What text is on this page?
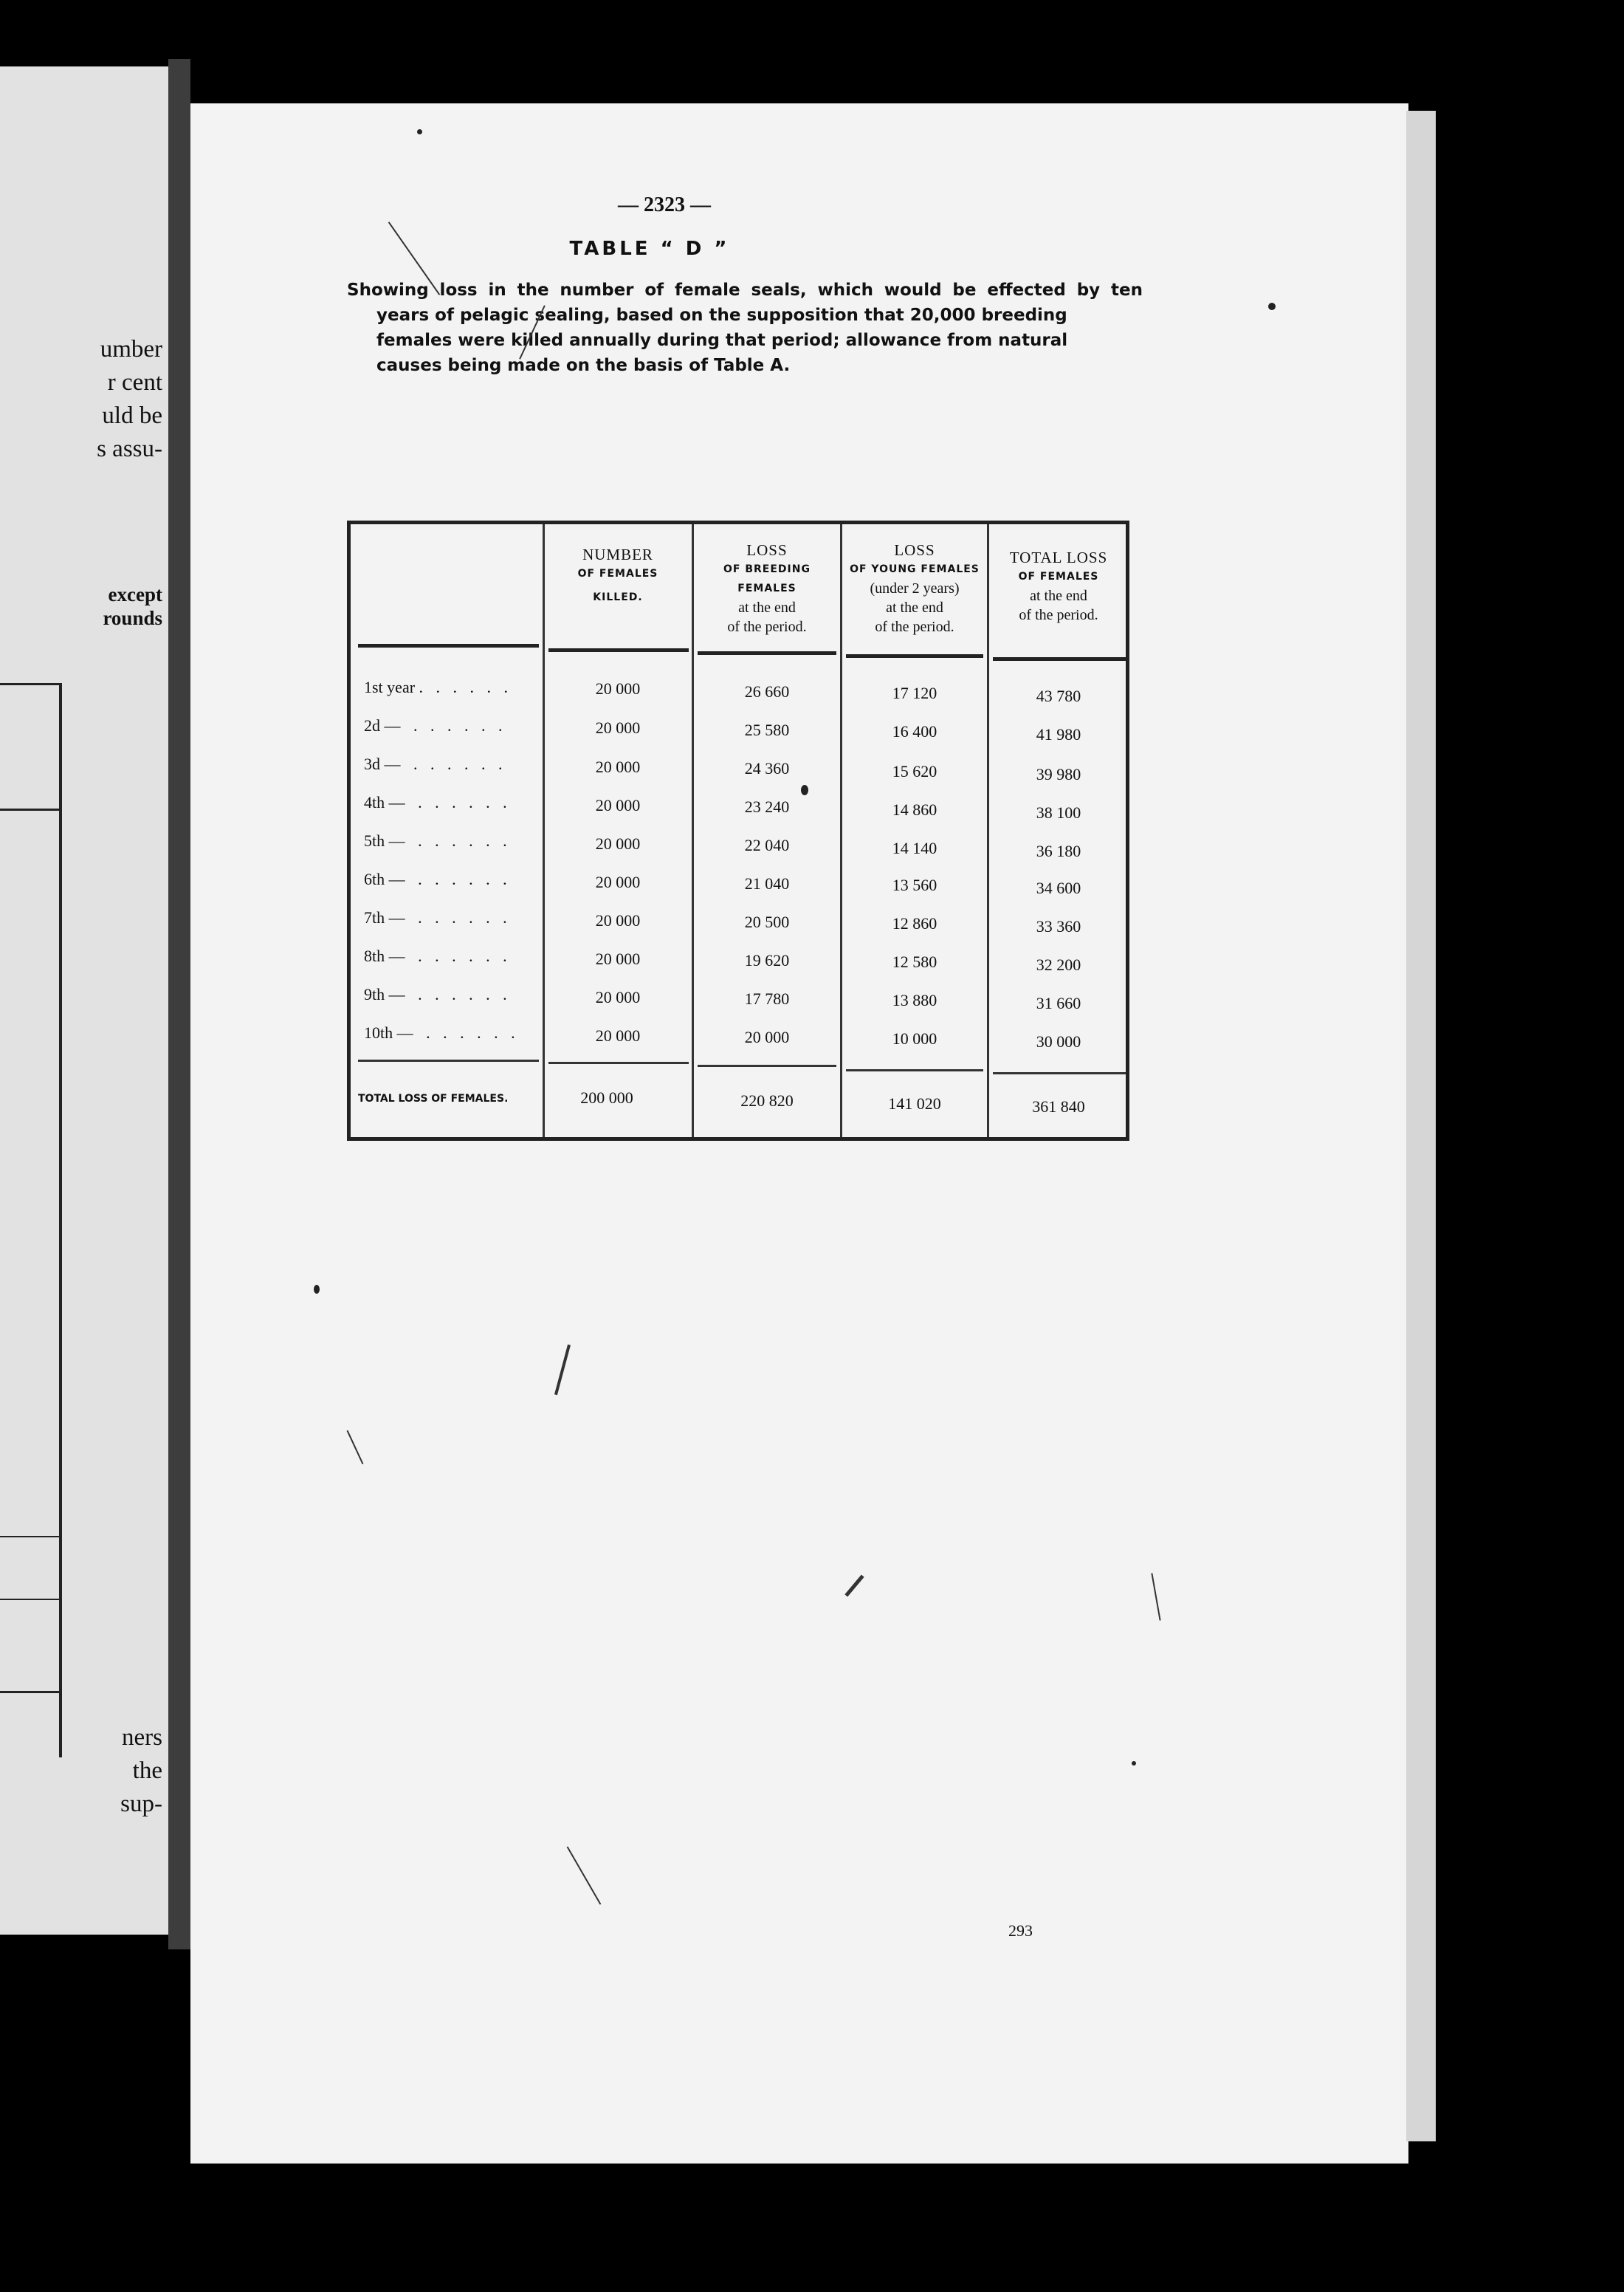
umber
r cent
uld be
s assu-
except
rounds
ners
the
sup-
— 2323 —
TABLE “ D ”
Showing loss in the number of female seals, which would be effected by ten
years of pelagic sealing, based on the supposition that 20,000 breeding
females were killed annually during that period; allowance from natural
causes being made on the basis of Table A.
NUMBER
OF FEMALES
KILLED.
LOSS
OF BREEDING
FEMALES
at the end
of the period.
LOSS
OF YOUNG FEMALES
(under 2 years)
at the end
of the period.
TOTAL LOSS
OF FEMALES
at the end
of the period.
1st year . . . . . .	20 000	26 660	17 120	43 780
2d — . . . . . .	20 000	25 580	16 400	41 980
3d — . . . . . .	20 000	24 360	15 620	39 980
4th — . . . . . .	20 000	23 240	14 860	38 100
5th — . . . . . .	20 000	22 040	14 140	36 180
6th — . . . . . .	20 000	21 040	13 560	34 600
7th — . . . . . .	20 000	20 500	12 860	33 360
8th — . . . . . .	20 000	19 620	12 580	32 200
9th — . . . . . .	20 000	17 780	13 880	31 660
10th — . . . . . .	20 000	20 000	10 000	30 000
TOTAL LOSS OF FEMALES.	200 000	220 820	141 020	361 840
293
